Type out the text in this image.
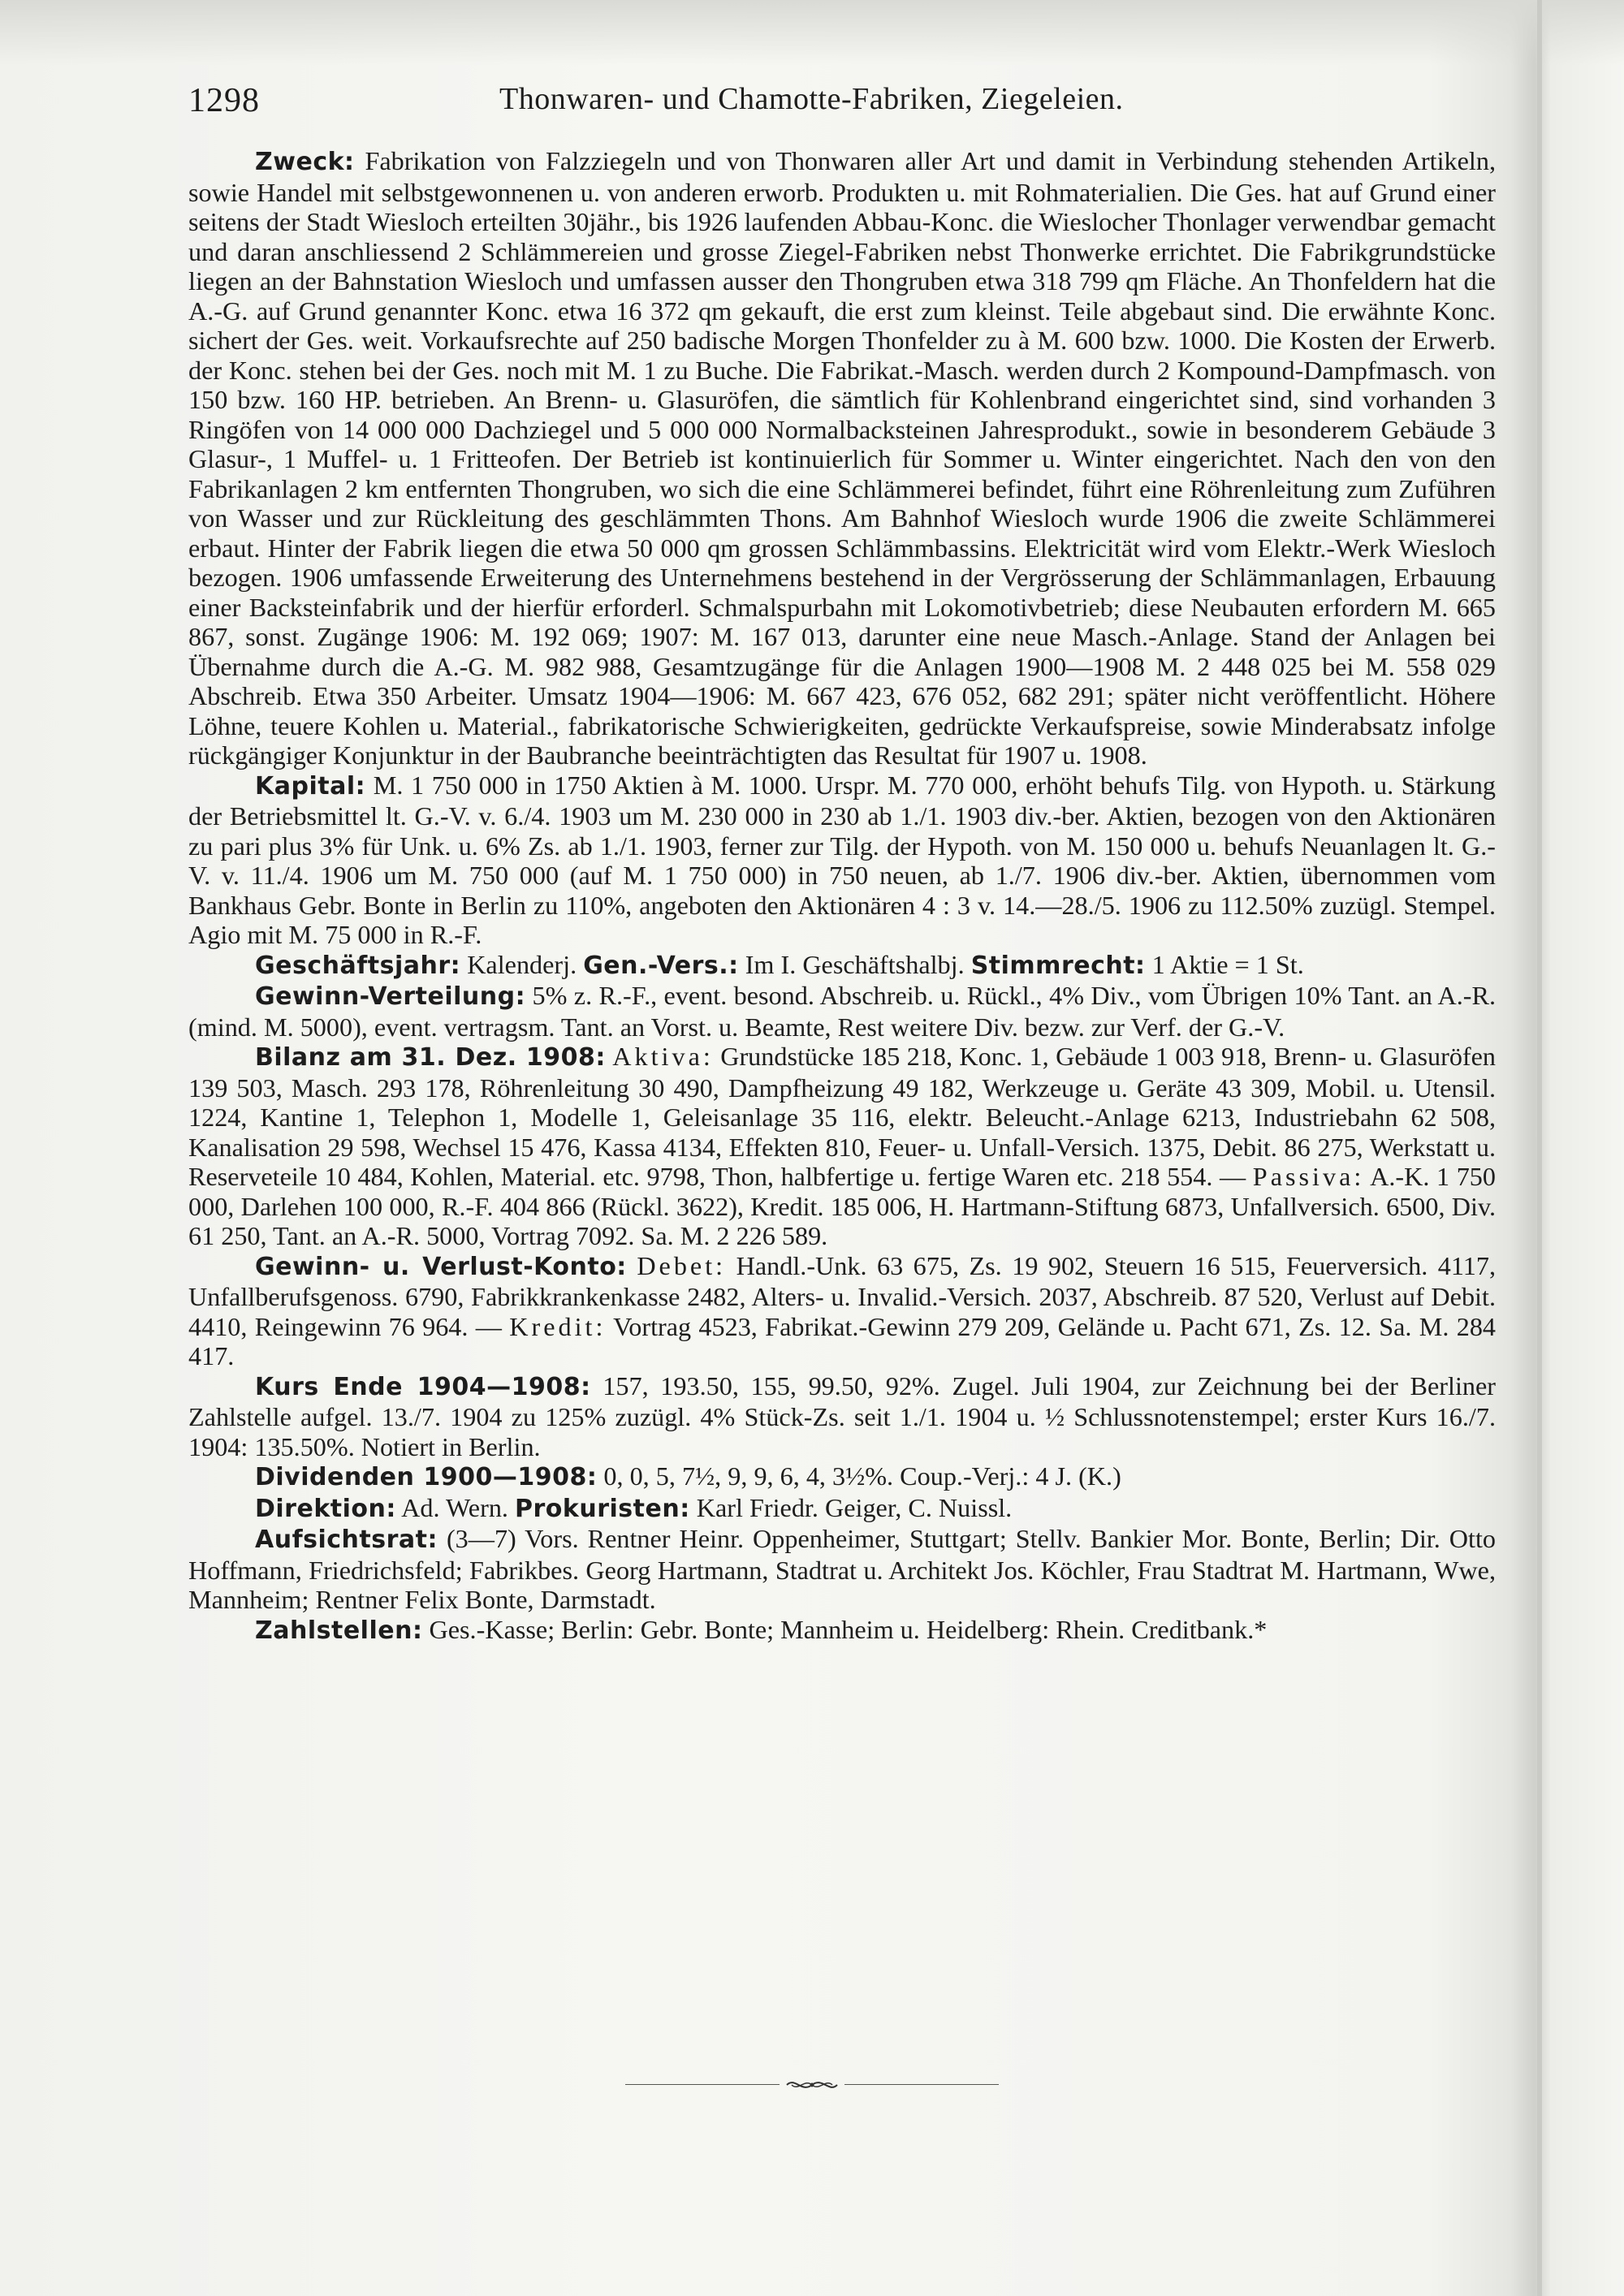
1298	Thonwaren- und Chamotte-Fabriken, Ziegeleien.

Zweck: Fabrikation von Falzziegeln und von Thonwaren aller Art und damit in Verbindung stehenden Artikeln, sowie Handel mit selbstgewonnenen u. von anderen erworb. Produkten u. mit Rohmaterialien. Die Ges. hat auf Grund einer seitens der Stadt Wiesloch erteilten 30jähr., bis 1926 laufenden Abbau-Konc. die Wieslocher Thonlager verwendbar gemacht und daran anschliessend 2 Schlämmereien und grosse Ziegel-Fabriken nebst Thonwerke errichtet. Die Fabrikgrundstücke liegen an der Bahnstation Wiesloch und umfassen ausser den Thongruben etwa 318 799 qm Fläche. An Thonfeldern hat die A.-G. auf Grund genannter Konc. etwa 16 372 qm gekauft, die erst zum kleinst. Teile abgebaut sind. Die erwähnte Konc. sichert der Ges. weit. Vorkaufsrechte auf 250 badische Morgen Thonfelder zu à M. 600 bzw. 1000. Die Kosten der Erwerb. der Konc. stehen bei der Ges. noch mit M. 1 zu Buche. Die Fabrikat.-Masch. werden durch 2 Kompound-Dampfmasch. von 150 bzw. 160 HP. betrieben. An Brenn- u. Glasuröfen, die sämtlich für Kohlenbrand eingerichtet sind, sind vorhanden 3 Ringöfen von 14 000 000 Dachziegel und 5 000 000 Normalbacksteinen Jahresprodukt., sowie in besonderem Gebäude 3 Glasur-, 1 Muffel- u. 1 Fritteofen. Der Betrieb ist kontinuierlich für Sommer u. Winter eingerichtet. Nach den von den Fabrikanlagen 2 km entfernten Thongruben, wo sich die eine Schlämmerei befindet, führt eine Röhrenleitung zum Zuführen von Wasser und zur Rückleitung des geschlämmten Thons. Am Bahnhof Wiesloch wurde 1906 die zweite Schlämmerei erbaut. Hinter der Fabrik liegen die etwa 50 000 qm grossen Schlämmbassins. Elektricität wird vom Elektr.-Werk Wiesloch bezogen. 1906 umfassende Erweiterung des Unternehmens bestehend in der Vergrösserung der Schlämmanlagen, Erbauung einer Backsteinfabrik und der hierfür erforderl. Schmalspurbahn mit Lokomotivbetrieb; diese Neubauten erfordern M. 665 867, sonst. Zugänge 1906: M. 192 069; 1907: M. 167 013, darunter eine neue Masch.-Anlage. Stand der Anlagen bei Übernahme durch die A.-G. M. 982 988, Gesamtzugänge für die Anlagen 1900—1908 M. 2 448 025 bei M. 558 029 Abschreib. Etwa 350 Arbeiter. Umsatz 1904—1906: M. 667 423, 676 052, 682 291; später nicht veröffentlicht. Höhere Löhne, teuere Kohlen u. Material., fabrikatorische Schwierigkeiten, gedrückte Verkaufspreise, sowie Minderabsatz infolge rückgängiger Konjunktur in der Baubranche beeinträchtigten das Resultat für 1907 u. 1908.

Kapital: M. 1 750 000 in 1750 Aktien à M. 1000. Urspr. M. 770 000, erhöht behufs Tilg. von Hypoth. u. Stärkung der Betriebsmittel lt. G.-V. v. 6./4. 1903 um M. 230 000 in 230 ab 1./1. 1903 div.-ber. Aktien, bezogen von den Aktionären zu pari plus 3% für Unk. u. 6% Zs. ab 1./1. 1903, ferner zur Tilg. der Hypoth. von M. 150 000 u. behufs Neuanlagen lt. G.-V. v. 11./4. 1906 um M. 750 000 (auf M. 1 750 000) in 750 neuen, ab 1./7. 1906 div.-ber. Aktien, übernommen vom Bankhaus Gebr. Bonte in Berlin zu 110%, angeboten den Aktionären 4 : 3 v. 14.—28./5. 1906 zu 112.50% zuzügl. Stempel. Agio mit M. 75 000 in R.-F.

Geschäftsjahr: Kalenderj. Gen.-Vers.: Im I. Geschäftshalbj. Stimmrecht: 1 Aktie = 1 St.

Gewinn-Verteilung: 5% z. R.-F., event. besond. Abschreib. u. Rückl., 4% Div., vom Übrigen 10% Tant. an A.-R. (mind. M. 5000), event. vertragsm. Tant. an Vorst. u. Beamte, Rest weitere Div. bezw. zur Verf. der G.-V.

Bilanz am 31. Dez. 1908: Aktiva: Grundstücke 185 218, Konc. 1, Gebäude 1 003 918, Brenn- u. Glasuröfen 139 503, Masch. 293 178, Röhrenleitung 30 490, Dampfheizung 49 182, Werkzeuge u. Geräte 43 309, Mobil. u. Utensil. 1224, Kantine 1, Telephon 1, Modelle 1, Geleisanlage 35 116, elektr. Beleucht.-Anlage 6213, Industriebahn 62 508, Kanalisation 29 598, Wechsel 15 476, Kassa 4134, Effekten 810, Feuer- u. Unfall-Versich. 1375, Debit. 86 275, Werkstatt u. Reserveteile 10 484, Kohlen, Material. etc. 9798, Thon, halbfertige u. fertige Waren etc. 218 554. — Passiva: A.-K. 1 750 000, Darlehen 100 000, R.-F. 404 866 (Rückl. 3622), Kredit. 185 006, H. Hartmann-Stiftung 6873, Unfallversich. 6500, Div. 61 250, Tant. an A.-R. 5000, Vortrag 7092. Sa. M. 2 226 589.

Gewinn- u. Verlust-Konto: Debet: Handl.-Unk. 63 675, Zs. 19 902, Steuern 16 515, Feuerversich. 4117, Unfallberufsgenoss. 6790, Fabrikkrankenkasse 2482, Alters- u. Invalid.-Versich. 2037, Abschreib. 87 520, Verlust auf Debit. 4410, Reingewinn 76 964. — Kredit: Vortrag 4523, Fabrikat.-Gewinn 279 209, Gelände u. Pacht 671, Zs. 12. Sa. M. 284 417.

Kurs Ende 1904—1908: 157, 193.50, 155, 99.50, 92%. Zugel. Juli 1904, zur Zeichnung bei der Berliner Zahlstelle aufgel. 13./7. 1904 zu 125% zuzügl. 4% Stück-Zs. seit 1./1. 1904 u. ½ Schlussnotenstempel; erster Kurs 16./7. 1904: 135.50%. Notiert in Berlin.

Dividenden 1900—1908: 0, 0, 5, 7½, 9, 9, 6, 4, 3½%. Coup.-Verj.: 4 J. (K.)

Direktion: Ad. Wern. Prokuristen: Karl Friedr. Geiger, C. Nuissl.

Aufsichtsrat: (3—7) Vors. Rentner Heinr. Oppenheimer, Stuttgart; Stellv. Bankier Mor. Bonte, Berlin; Dir. Otto Hoffmann, Friedrichsfeld; Fabrikbes. Georg Hartmann, Stadtrat u. Architekt Jos. Köchler, Frau Stadtrat M. Hartmann, Wwe, Mannheim; Rentner Felix Bonte, Darmstadt.

Zahlstellen: Ges.-Kasse; Berlin: Gebr. Bonte; Mannheim u. Heidelberg: Rhein. Creditbank.*
